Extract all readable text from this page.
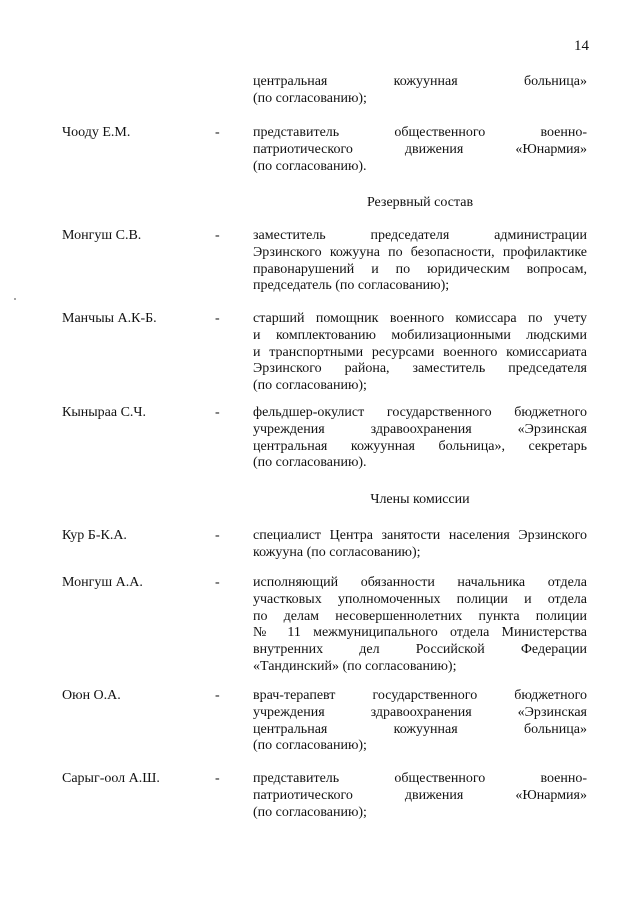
14
центральная кожуунная больница»
(по согласованию);
Чооду Е.М.	- представитель общественного военно-
патриотического движения «Юнармия»
(по согласованию).
Резервный состав
Монгуш С.В.	- заместитель председателя администрации
Эрзинского кожууна по безопасности, профилактике
правонарушений и по юридическим вопросам,
председатель (по согласованию);
Манчыы А.К-Б.	- старший помощник военного комиссара по учету
и комплектованию мобилизационными людскими
и транспортными ресурсами военного комиссариата
Эрзинского района, заместитель председателя
(по согласованию);
Кыныраа С.Ч.	- фельдшер-окулист государственного бюджетного
учреждения здравоохранения «Эрзинская
центральная кожуунная больница», секретарь
(по согласованию).
Члены комиссии
Кур Б-К.А.	- специалист Центра занятости населения Эрзинского
кожууна (по согласованию);
Монгуш А.А.	- исполняющий обязанности начальника отдела
участковых уполномоченных полиции и отдела
по делам несовершеннолетних пункта полиции
№ 11 межмуниципального отдела Министерства
внутренних дел Российской Федерации
«Тандинский» (по согласованию);
Оюн О.А.	- врач-терапевт государственного бюджетного
учреждения здравоохранения «Эрзинская
центральная кожуунная больница»
(по согласованию);
Сарыг-оол А.Ш.	- представитель общественного военно-
патриотического движения «Юнармия»
(по согласованию);
